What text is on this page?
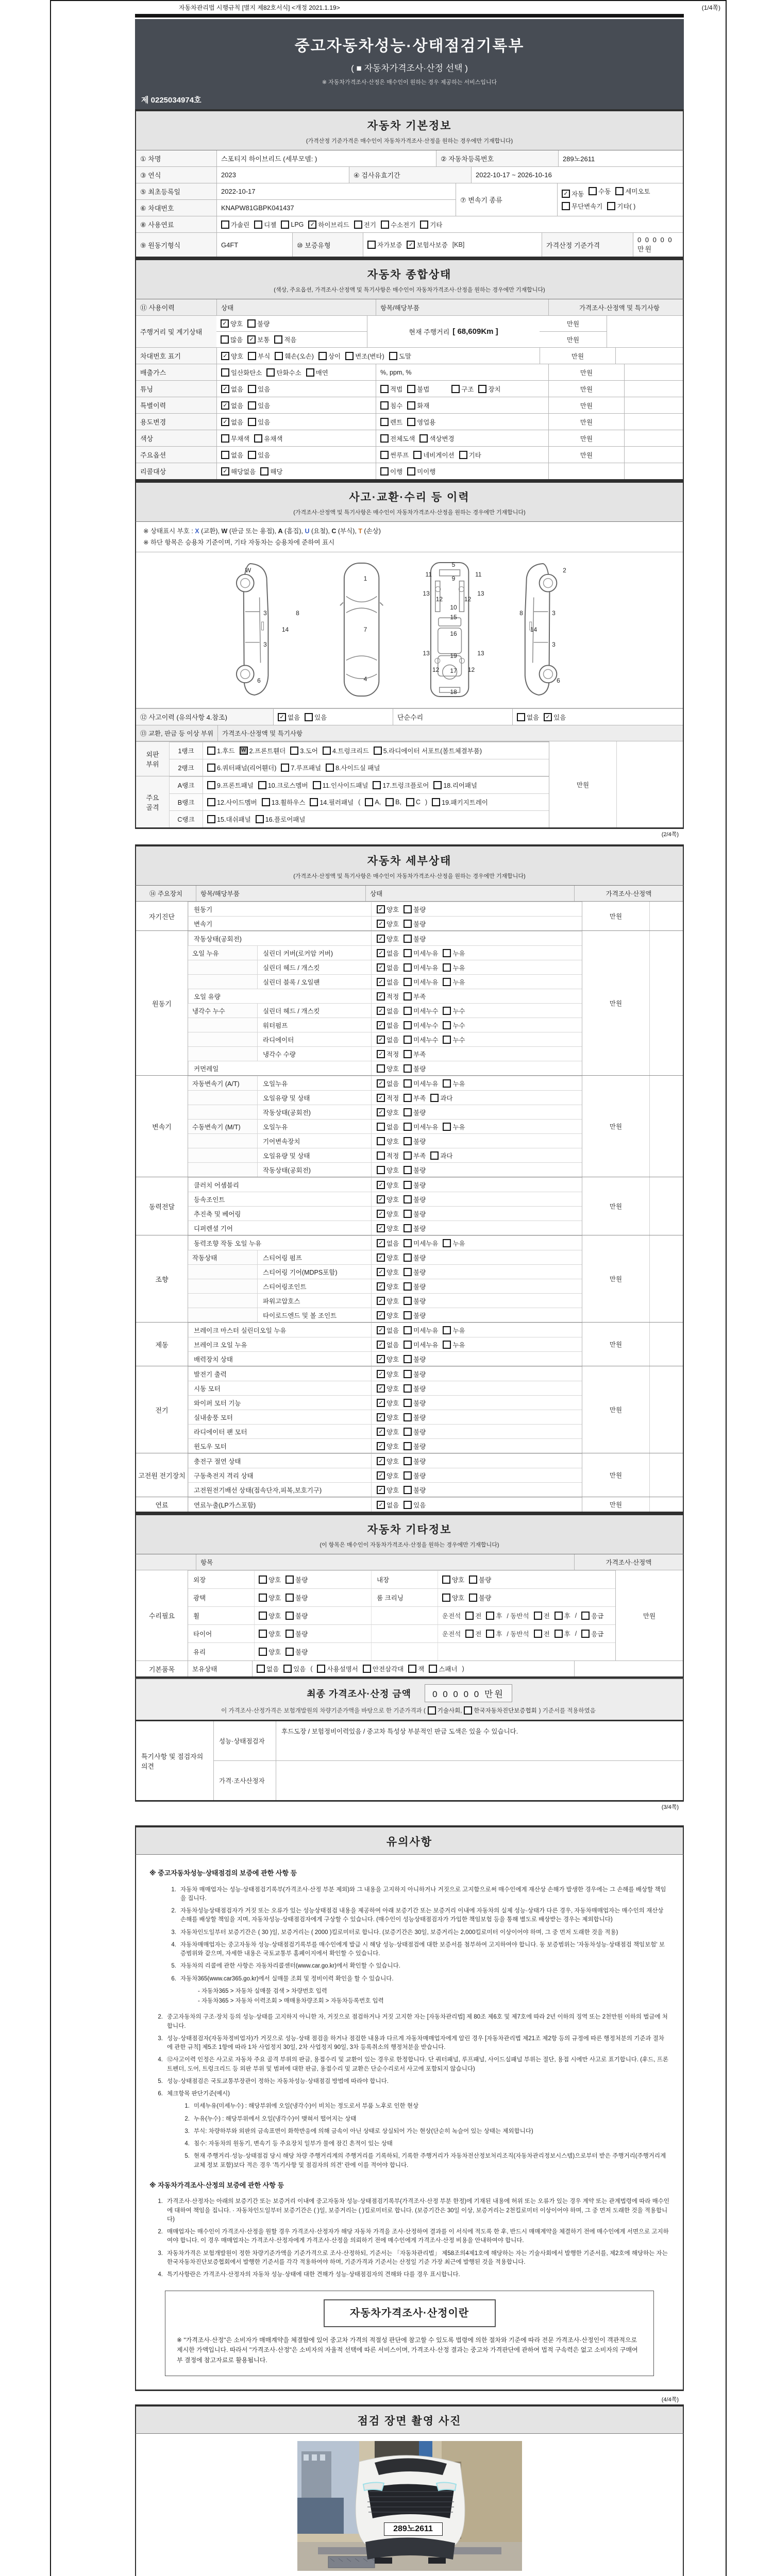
자동차관리법 시행규칙 [별지 제82호서식] <개정 2021.1.19>	(1/4쪽)
중고자동차성능·상태점검기록부
( ■ 자동차가격조사·산정 선택 )
※ 자동차가격조사·산정은 매수인이 원하는 경우 제공하는 서비스입니다
제 0225034974호
자동차 기본정보
(가격산정 기준가격은 매수인이 자동차가격조사·산정을 원하는 경우에만 기재합니다)
① 차명	스포티지 하이브리드 (세부모델: )	② 자동차등록번호	289노2611
③ 연식	2023	④ 검사유효기간	2022-10-17 ~ 2026-10-16
⑤ 최초등록일	2022-10-17
⑥ 차대번호	KNAPW81GBPK041437
⑦ 변속기 종류
✓ 자동 수동 세미오토
무단변속기 기타( )
⑧ 사용연료	가솔린 디젤 LPG	✓ 하이브리드 전기 수소전기 기타
⑨ 원동기형식	G4FT	⑩ 보증유형	자가보증	✓ 보험사보증 [KB]	가격산정 기준가격
0 0 0 0 0 만원
자동차 종합상태
(색상, 주요옵션, 가격조사·산정액 및 특기사항은 매수인이 자동차가격조사·산정을 원하는 경우에만 기재합니다)
⑪ 사용이력	상태	항목/해당부품	가격조사·산정액 및 특기사항
주행거리 및 계기상태
✓ 양호 불량
많음	✓ 보통 적음
현재 주행거리 [ 68,609Km ]
만원
만원
차대번호 표기	✓ 양호 부식 훼손(오손) 상이 변조(변타) 도말	만원
배출가스	일산화탄소 탄화수소 매연	%, ppm, %	만원
튜닝	✓ 없음 있음	적법 불법
　　	구조 장치	만원
특별이력	✓ 없음 있음	침수 화재	만원
용도변경	✓ 없음 있음	렌트 영업용	만원
색상	무채색 유채색	전체도색 색상변경	만원
주요옵션	없음 있음	썬루프 네비게이션 기타	만원
리콜대상	✓ 해당없음 해당	이행 미이행
사고·교환·수리 등 이력
(가격조사·산정액 및 특기사항은 매수인이 자동차가격조사·산정을 원하는 경우에만 기재합니다)
※ 상태표시 부호 : X (교환), W (판금 또는 용접), A (흠집), U (요철), C (부식), T (손상)
※ 하단 항목은 승용차 기준이며, 기타 자동차는 승용차에 준하여 표시
W
8
3
14
3
6
1
7
4
5
11
9
11
13	13
12	12
10
15
16
19
13	13
12	12
17
18
2
8	3
14
3
6
⑫ 사고이력 (유의사항 4.참조)	✓ 없음 있음	단순수리	없음	✓ 있음
⑬ 교환, 판금 등 이상 부위	가격조사·산정액 및 특기사항
외판
부위
1랭크	1.후드	W 2.프론트휀더 3.도어 4.트렁크리드 5.라디에이터 서포트(볼트체결부품)
2랭크	6.쿼터패널(리어휀더) 7.루프패널 8.사이드실 패널
주요
골격
A랭크	9.프론트패널 10.크로스멤버 11.인사이드패널 17.트렁크플로어 18.리어패널
B랭크	12.사이드멤버 13.휠하우스 14.필러패널 ( A, B, C ) 19.패키지트레이
C랭크	15.대쉬패널 16.플로어패널
만원
(2/4쪽)
자동차 세부상태
(가격조사·산정액 및 특기사항은 매수인이 자동차가격조사·산정을 원하는 경우에만 기재합니다)
⑭ 주요장치	항목/해당부품	상태	가격조사·산정액
자기진단
원동기	✓ 양호 불량
변속기	✓ 양호 불량
만원
원동기
작동상태(공회전)	✓ 양호 불량
오일 누유	실린더 커버(로커암 커버)	✓ 없음 미세누유 누유
실린더 헤드 / 개스킷	✓ 없음 미세누유 누유
실린더 블록 / 오일팬	✓ 없음 미세누유 누유
오일 유량	✓ 적정 부족
냉각수 누수	실린더 헤드 / 개스킷	✓ 없음 미세누수 누수
워터펌프	✓ 없음 미세누수 누수
라디에이터	✓ 없음 미세누수 누수
냉각수 수량	✓ 적정 부족
커먼레일	양호 불량
만원
변속기
자동변속기 (A/T)	오일누유	✓ 없음 미세누유 누유
오일유량 및 상태	✓ 적정 부족 과다
작동상태(공회전)	✓ 양호 불량
수동변속기 (M/T)	오일누유	없음 미세누유 누유
기어변속장치	양호 불량
오일유량 및 상태	적정 부족 과다
작동상태(공회전)	양호 불량
만원
동력전달
클러치 어셈블리	✓ 양호 불량
등속조인트	✓ 양호 불량
추진축 및 베어링	✓ 양호 불량
디퍼렌셜 기어	✓ 양호 불량
만원
조향
동력조향 작동 오일 누유	✓ 없음 미세누유 누유
작동상태	스티어링 펌프	✓ 양호 불량
스티어링 기어(MDPS포함)	✓ 양호 불량
스티어링조인트	✓ 양호 불량
파워고압호스	✓ 양호 불량
타이로드엔드 및 볼 조인트	✓ 양호 불량
만원
제동
브레이크 마스터 실린더오일 누유	✓ 없음 미세누유 누유
브레이크 오일 누유	✓ 없음 미세누유 누유
배력장치 상태	✓ 양호 불량
만원
전기
발전기 출력	✓ 양호 불량
시동 모터	✓ 양호 불량
와이퍼 모터 기능	✓ 양호 불량
실내송풍 모터	✓ 양호 불량
라디에이터 팬 모터	✓ 양호 불량
윈도우 모터	✓ 양호 불량
만원
고전원 전기장치
충전구 절연 상태	✓ 양호 불량
구동축전지 격리 상태	✓ 양호 불량
고전원전기배선 상태(접속단자,피복,보호기구)	✓ 양호 불량
만원
연료	연료누출(LP가스포함)	✓ 없음 있음	만원
자동차 기타정보
(이 항목은 매수인이 자동차가격조사·산정을 원하는 경우에만 기재합니다)
항목	가격조사·산정액
수리필요
외장	양호 불량	내장	양호 불량
광택	양호 불량	룸 크리닝	양호 불량
휠	양호 불량	운전석 전 후 / 동반석 전 후 / 응급
타이어	양호 불량	운전석 전 후 / 동반석 전 후 / 응급
유리	양호 불량
만원
기본품목	보유상태	없음 있음 ( 사용설명서 안전삼각대 잭 스패너 )
최종 가격조사·산정 금액	0 0 0 0 0 만원
이 가격조사·산정가격은 보험개발원의 차량기준가액을 바탕으로 한 기준가격과 ( 기술사회, 한국자동차진단보증협회 ) 기준서를 적용하였음
특기사항 및 점검자의 의견
성능·상태점검자
후드도장 / 보험정비이력있음 / 중고차 특성상 부분적인 판금 도색은 있을 수 있습니다.
가격·조사산정자
(3/4쪽)
유의사항
※ 중고자동차성능·상태점검의 보증에 관한 사항 등
1. 자동차 매매업자는 성능·상태점검기록부(가격조사·산정 부분 제외)와 그 내용을 고지하지 아니하거나 거짓으로 고지함으로써 매수인에게 재산상 손해가 발생한 경우에는 그 손해를 배상할 책임을 집니다.
2. 자동차성능상태점검자가 거짓 또는 오류가 있는 성능상태점검 내용을 제공하여 아래 보증기간 또는 보증거리 이내에 자동차의 실제 성능·상태가 다른 경우, 자동차매매업자는 매수인의 재산상 손해를 배상할 책임을 지며, 자동차성능·상태점검자에게 구상할 수 있습니다. (매수인이 성능상태점검자가 가입한 책임보험 등을 통해 별도로 배상받는 경우는 제외합니다)
3. 자동차인도일부터 보증기간은 ( 30 )일, 보증거리는 ( 2000 )킬로미터로 합니다. (보증기간은 30일, 보증거리는 2,000킬로미터 이상이어야 하며, 그 중 먼저 도래한 것을 적용)
4. 자동차매매업자는 중고자동차 성능·상태점검기록부를 매수인에게 발급 시 해당 성능·상태점검에 대한 보증서를 첨부하여 고지하여야 합니다. 동 보증범위는 '자동차성능·상태점검 책임보험' 보증범위와 같으며, 자세한 내용은 국토교통부 홈페이지에서 확인할 수 있습니다.
5. 자동차의 리콜에 관한 사항은 자동차리콜센터(www.car.go.kr)에서 확인할 수 있습니다.
6. 자동차365(www.car365.go.kr)에서 실매물 조회 및 정비이력 확인을 할 수 있습니다.
- 자동차365 > 자동차 실매물 검색 > 차량번호 입력
- 자동차365 > 자동차 이력조회 > 매매용차량조회 > 자동차등록번호 입력
2. 중고자동차의 구조·장치 등의 성능·상태를 고지하지 아니한 자, 거짓으로 점검하거나 거짓 고지한 자는 [자동차관리법] 제 80조 제6호 및 제7호에 따라 2년 이하의 징역 또는 2천만원 이하의 벌금에 처합니다.
3. 성능·상태점검자(자동차정비업자)가 거짓으로 성능·상태 점검을 하거나 점검한 내용과 다르게 자동차매매업자에게 알린 경우 [자동차관리법 제21조 제2항 등의 규정에 따른 행정처분의 기준과 절차에 관한 규칙] 제5조 1항에 따라 1차 사업정지 30일, 2차 사업정지 90일, 3차 등록취소의 행정처분을 받습니다.
4. ⑫사고이력 인정은 사고로 자동차 주요 골격 부위의 판금, 용접수리 및 교환이 있는 경우로 한정합니다. 단 쿼터패널, 루프패널, 사이드실패널 부위는 절단, 용접 시에만 사고로 표기합니다. (후드, 프론트펜더, 도어, 트렁크리드 등 외판 부위 및 범퍼에 대한 판금, 용접수리 및 교환은 단순수리로서 사고에 포함되지 않습니다)
5. 성능·상태점검은 국토교통부장관이 정하는 자동차성능·상태점검 방법에 따라야 합니다.
6. 체크항목 판단기준(예시)
1. 미세누유(미세누수) : 해당부위에 오일(냉각수)이 비치는 정도로서 부품 노후로 인한 현상
2. 누유(누수) : 해당부위에서 오일(냉각수)이 맺혀서 떨어지는 상태
3. 부식: 차량하부와 외판의 금속표면이 화학반응에 의해 금속이 아닌 상태로 상실되어 가는 현상(단순히 녹슬어 있는 상태는 제외합니다)
4. 침수: 자동차의 원동기, 변속기 등 주요장치 일부가 물에 잠긴 흔적이 있는 상태
5. 현재 주행거리·성능·상태점검 당시 해당 차량 주행거리계의 주행거리를 기록하되, 기록한 주행거리가 자동차전산정보처리조직(자동차관리정보시스템)으로부터 받은 주행거리(주행거리계 교체 정보 포함)보다 적은 경우 '특기사항 및 점검자의 의견' 란에 이를 적어야 합니다.
※ 자동차가격조사·산정의 보증에 관한 사항 등
1. 가격조사·산정자는 아래의 보증기간 또는 보증거리 이내에 중고자동차 성능·상태점검기록부(가격조사·산정 부분 한정)에 기재된 내용에 허위 또는 오류가 있는 경우 계약 또는 관계법령에 따라 매수인에 대하여 책임을 집니다. · 자동차인도일부터 보증기간은 ( )일, 보증거리는 ( )킬로미터로 합니다. (보증기간은 30일 이상, 보증거리는 2천킬로미터 이상이어야 하며, 그 중 먼저 도래한 것을 적용합니다)
2. 매매업자는 매수인이 가격조사·산정을 원할 경우 가격조사·산정자가 해당 자동차 가격을 조사·산정하여 결과를 이 서식에 적도록 한 후, 반드시 매매계약을 체결하기 전에 매수인에게 서면으로 고지하여야 합니다. 이 경우 매매업자는 가격조사·산정자에게 가격조사·산정을 의뢰하기 전에 매수인에게 가격조사·산정 비용을 안내하여야 합니다.
3. 자동차가격은 보험개발원이 정한 차량기준가액을 기준가격으로 조사·산정하되, 기준서는 「자동차관리법」 제58조의4제1호에 해당하는 자는 기술사회에서 발행한 기준서를, 제2호에 해당하는 자는 한국자동차진단보증협회에서 발행한 기준서를 각각 적용하여야 하며, 기준가격과 기준서는 산정일 기준 가장 최근에 발행된 것을 적용합니다.
4. 특기사항란은 가격조사·산정자의 자동차 성능·상태에 대한 견해가 성능·상태점검자의 견해와 다를 경우 표시합니다.
자동차가격조사·산정이란
※ "가격조사·산정"은 소비자가 매매계약을 체결함에 있어 중고차 가격의 적절성 판단에 참고할 수 있도록 법령에 의한 절차와 기준에 따라 전문 가격조사·산정인이 객관적으로 제시한 가액입니다. 따라서 "가격조사·산정"은 소비자의 자율적 선택에 따른 서비스이며, 가격조사·산정 결과는 중고차 가격판단에 관하여 법적 구속력은 없고 소비자의 구매여부 결정에 참고자료로 활용됩니다.
(4/4쪽)
점검 장면 촬영 사진
289노2611
